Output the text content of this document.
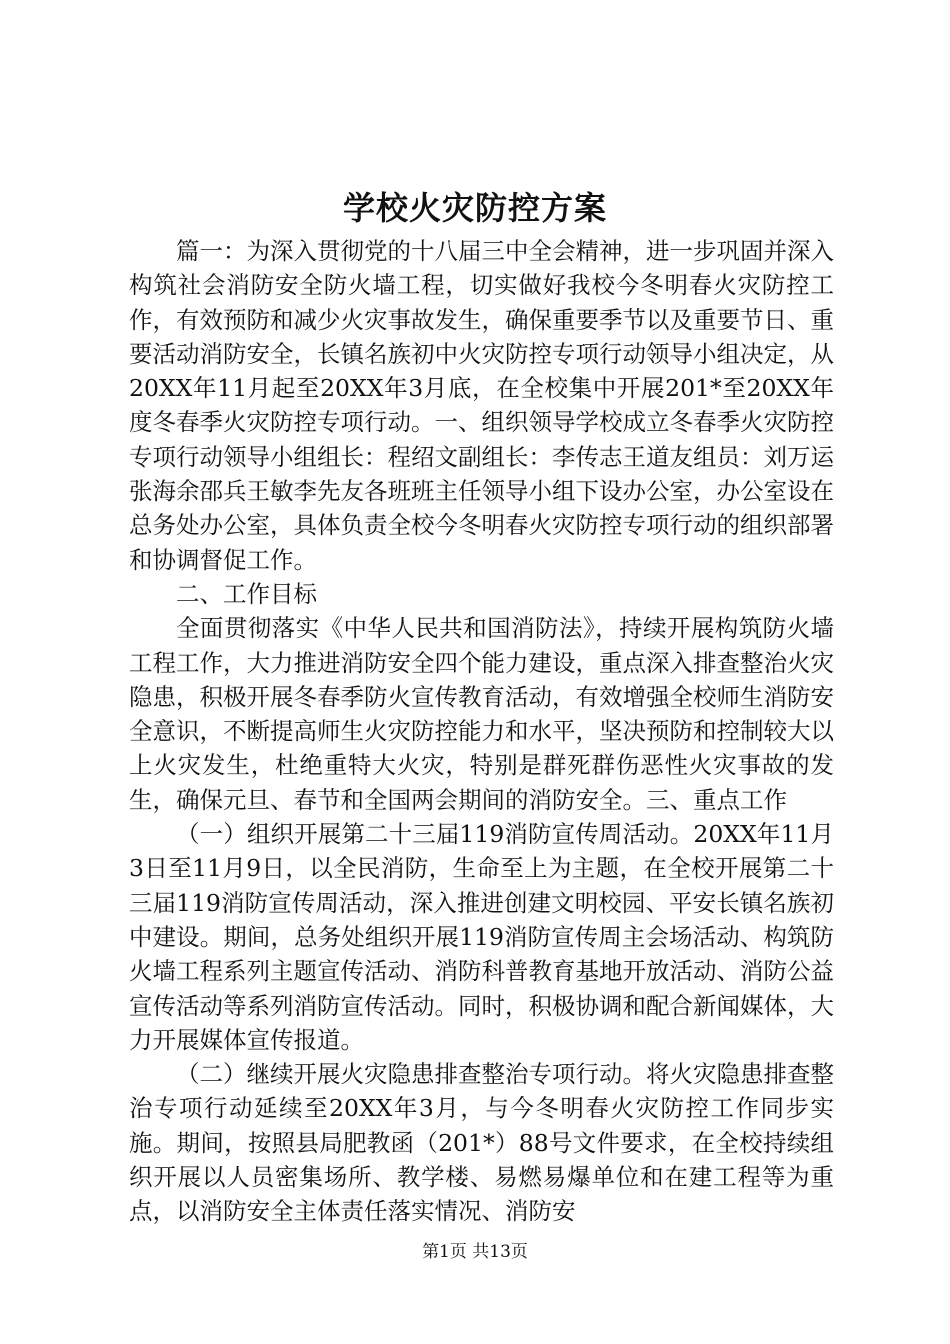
学校火灾防控方案

篇一：为深入贯彻党的十八届三中全会精神，进一步巩固并深入构筑社会消防安全防火墙工程，切实做好我校今冬明春火灾防控工作，有效预防和减少火灾事故发生，确保重要季节以及重要节日、重要活动消防安全，长镇名族初中火灾防控专项行动领导小组决定，从20XX年11月起至20XX年3月底，在全校集中开展201*至20XX年度冬春季火灾防控专项行动。一、组织领导学校成立冬春季火灾防控专项行动领导小组组长：程绍文副组长：李传志王道友组员：刘万运张海余邵兵王敏李先友各班班主任领导小组下设办公室，办公室设在总务处办公室，具体负责全校今冬明春火灾防控专项行动的组织部署和协调督促工作。

二、工作目标

全面贯彻落实《中华人民共和国消防法》，持续开展构筑防火墙工程工作，大力推进消防安全四个能力建设，重点深入排查整治火灾隐患，积极开展冬春季防火宣传教育活动，有效增强全校师生消防安全意识，不断提高师生火灾防控能力和水平，坚决预防和控制较大以上火灾发生，杜绝重特大火灾，特别是群死群伤恶性火灾事故的发生，确保元旦、春节和全国两会期间的消防安全。三、重点工作

（一）组织开展第二十三届119消防宣传周活动。20XX年11月3日至11月9日，以全民消防，生命至上为主题，在全校开展第二十三届119消防宣传周活动，深入推进创建文明校园、平安长镇名族初中建设。期间，总务处组织开展119消防宣传周主会场活动、构筑防火墙工程系列主题宣传活动、消防科普教育基地开放活动、消防公益宣传活动等系列消防宣传活动。同时，积极协调和配合新闻媒体，大力开展媒体宣传报道。

（二）继续开展火灾隐患排查整治专项行动。将火灾隐患排查整治专项行动延续至20XX年3月，与今冬明春火灾防控工作同步实施。期间，按照县局肥教函（201*）88号文件要求，在全校持续组织开展以人员密集场所、教学楼、易燃易爆单位和在建工程等为重点，以消防安全主体责任落实情况、消防安

第1页 共13页
